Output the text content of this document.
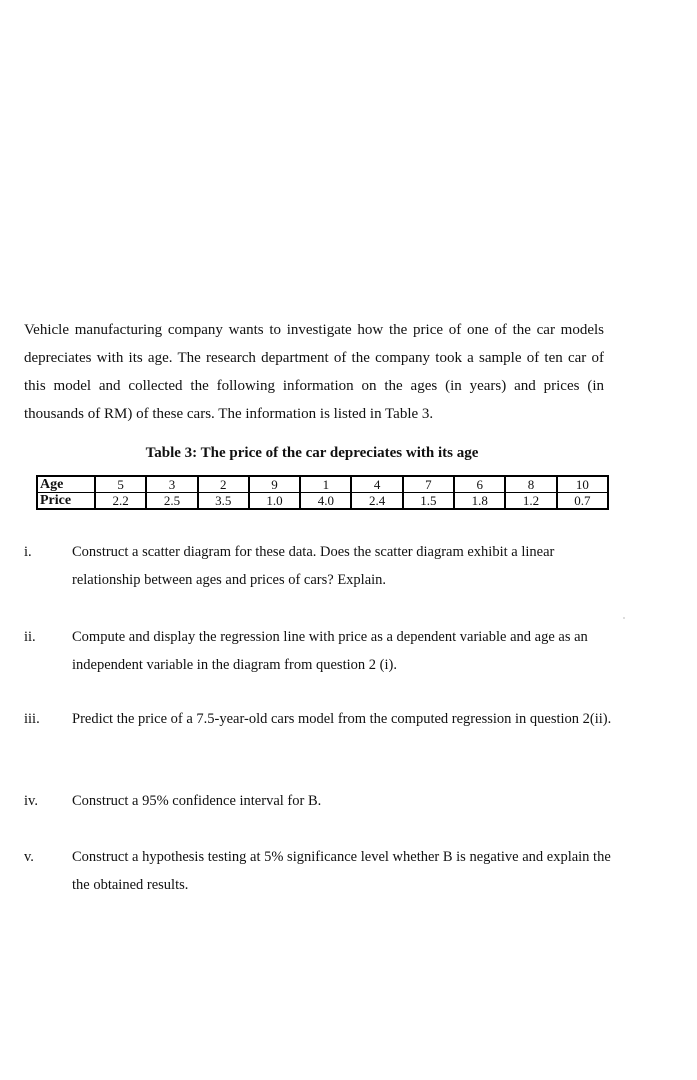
Vehicle manufacturing company wants to investigate how the price of one of the car models depreciates with its age. The research department of the company took a sample of ten car of this model and collected the following information on the ages (in years) and prices (in thousands of RM) of these cars. The information is listed in Table 3.

Table 3: The price of the car depreciates with its age

Age	5	3	2	9	1	4	7	6	8	10
Price	2.2	2.5	3.5	1.0	4.0	2.4	1.5	1.8	1.2	0.7
i.	Construct a scatter diagram for these data. Does the scatter diagram exhibit a linear relationship between ages and prices of cars? Explain.
ii.	Compute and display the regression line with price as a dependent variable and age as an independent variable in the diagram from question 2 (i).
iii.	Predict the price of a 7.5-year-old cars model from the computed regression in question 2(ii).
iv.	Construct a 95% confidence interval for B.
v.	Construct a hypothesis testing at 5% significance level whether B is negative and explain the the obtained results.
